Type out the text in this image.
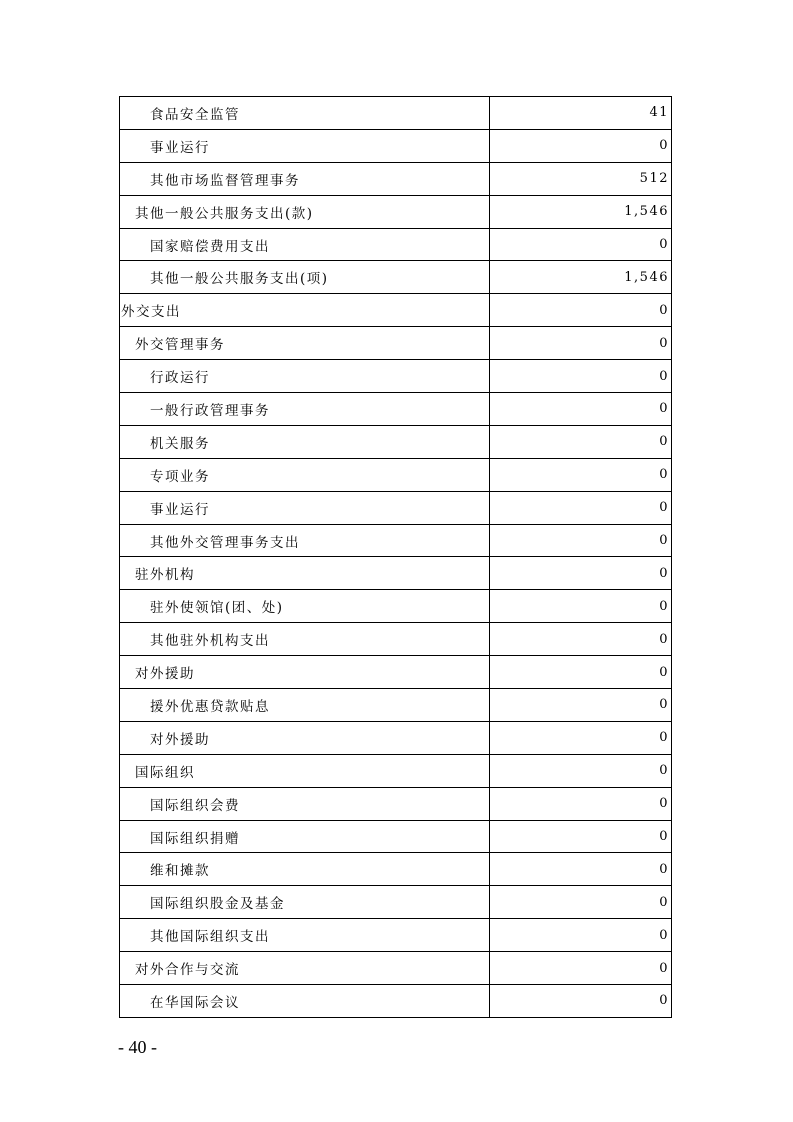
食品安全监管	41
事业运行	0
其他市场监督管理事务	512
其他一般公共服务支出(款)	1,546
国家赔偿费用支出	0
其他一般公共服务支出(项)	1,546
外交支出	0
外交管理事务	0
行政运行	0
一般行政管理事务	0
机关服务	0
专项业务	0
事业运行	0
其他外交管理事务支出	0
驻外机构	0
驻外使领馆(团、处)	0
其他驻外机构支出	0
对外援助	0
援外优惠贷款贴息	0
对外援助	0
国际组织	0
国际组织会费	0
国际组织捐赠	0
维和摊款	0
国际组织股金及基金	0
其他国际组织支出	0
对外合作与交流	0
在华国际会议	0
- 40 -
